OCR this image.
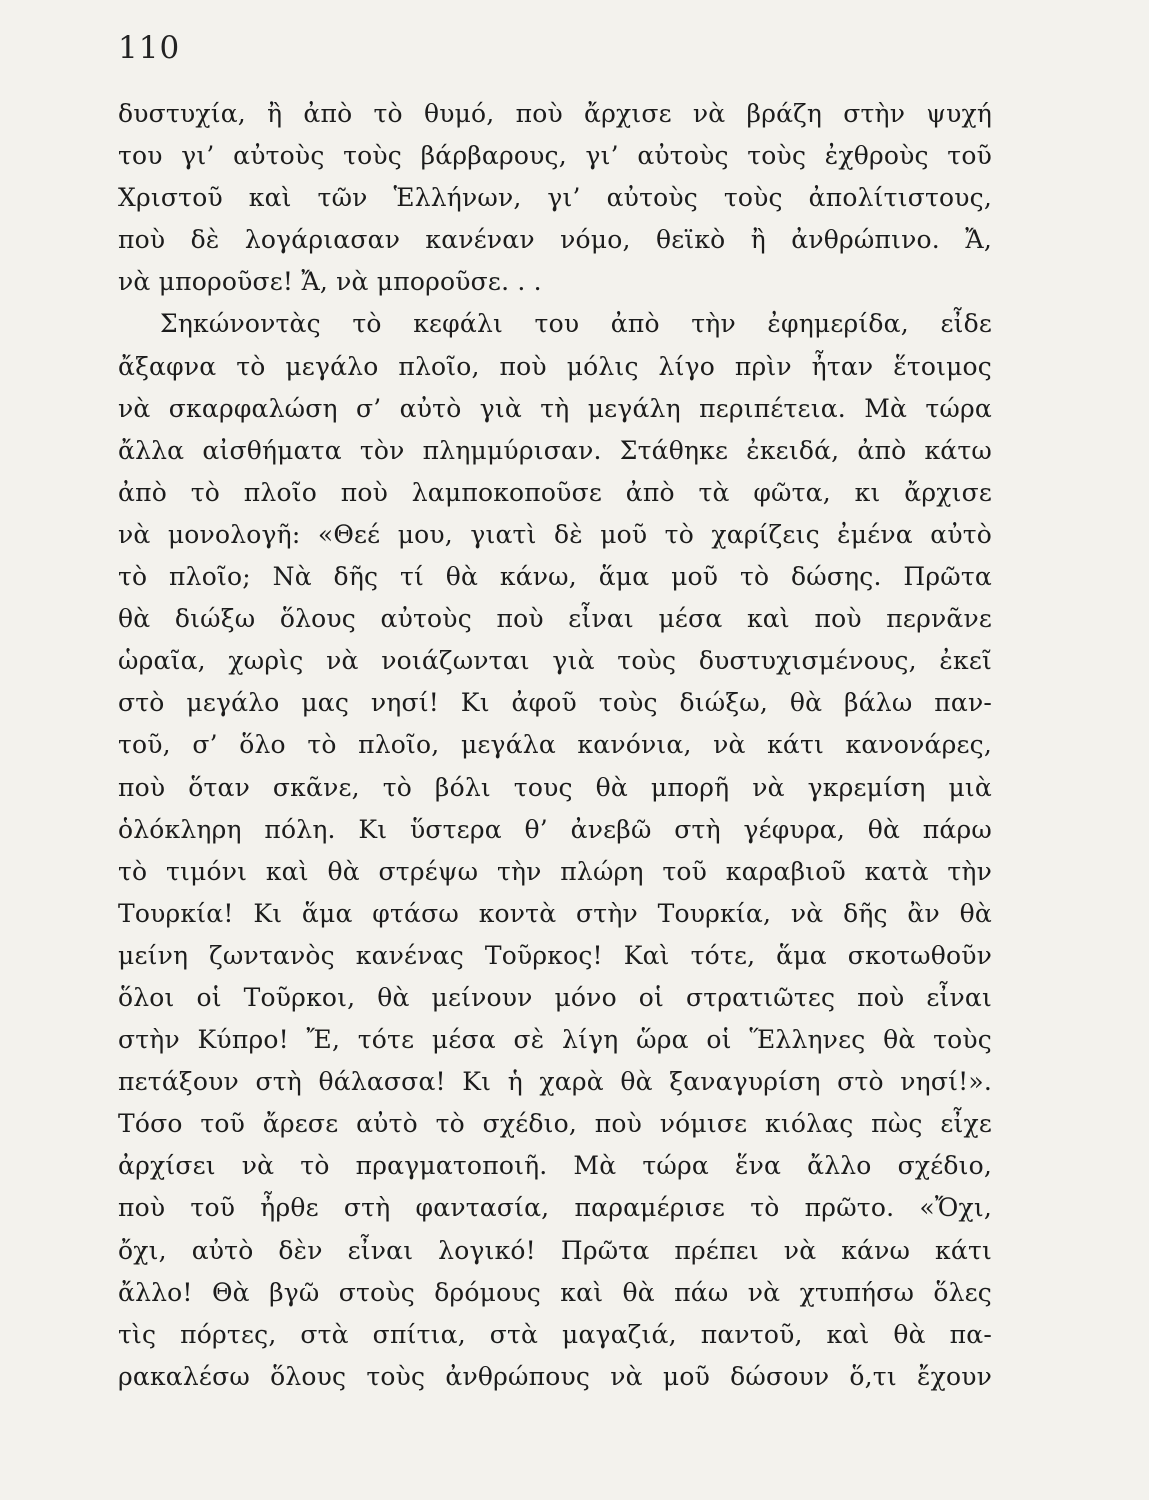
110
δυστυχία, ἢ ἀπὸ τὸ θυμό, ποὺ ἄρχισε νὰ βράζη στὴν ψυχή
του γι’ αὐτοὺς τοὺς βάρβαρους, γι’ αὐτοὺς τοὺς ἐχθροὺς τοῦ
Χριστοῦ καὶ τῶν Ἑλλήνων, γι’ αὐτοὺς τοὺς ἀπολίτιστους,
ποὺ δὲ λογάριασαν κανέναν νόμο, θεϊκὸ ἢ ἀνθρώπινο. Ἄ,
νὰ μποροῦσε! Ἄ, νὰ μποροῦσε. . .
Σηκώνοντὰς τὸ κεφάλι του ἀπὸ τὴν ἐφημερίδα, εἶδε
ἄξαφνα τὸ μεγάλο πλοῖο, ποὺ μόλις λίγο πρὶν ἦταν ἕτοιμος
νὰ σκαρφαλώση σ’ αὐτὸ γιὰ τὴ μεγάλη περιπέτεια. Μὰ τώρα
ἄλλα αἰσθήματα τὸν πλημμύρισαν. Στάθηκε ἐκειδά, ἀπὸ κάτω
ἀπὸ τὸ πλοῖο ποὺ λαμποκοποῦσε ἀπὸ τὰ φῶτα, κι ἄρχισε
νὰ μονολογῆ: «Θεέ μου, γιατὶ δὲ μοῦ τὸ χαρίζεις ἐμένα αὐτὸ
τὸ πλοῖο; Νὰ δῆς τί θὰ κάνω, ἅμα μοῦ τὸ δώσης. Πρῶτα
θὰ διώξω ὅλους αὐτοὺς ποὺ εἶναι μέσα καὶ ποὺ περνᾶνε
ὡραῖα, χωρὶς νὰ νοιάζωνται γιὰ τοὺς δυστυχισμένους, ἐκεῖ
στὸ μεγάλο μας νησί! Κι ἀφοῦ τοὺς διώξω, θὰ βάλω παν-
τοῦ, σ’ ὅλο τὸ πλοῖο, μεγάλα κανόνια, νὰ κάτι κανονάρες,
ποὺ ὅταν σκᾶνε, τὸ βόλι τους θὰ μπορῆ νὰ γκρεμίση μιὰ
ὁλόκληρη πόλη. Κι ὕστερα θ’ ἀνεβῶ στὴ γέφυρα, θὰ πάρω
τὸ τιμόνι καὶ θὰ στρέψω τὴν πλώρη τοῦ καραβιοῦ κατὰ τὴν
Τουρκία! Κι ἅμα φτάσω κοντὰ στὴν Τουρκία, νὰ δῆς ἂν θὰ
μείνη ζωντανὸς κανένας Τοῦρκος! Καὶ τότε, ἅμα σκοτωθοῦν
ὅλοι οἱ Τοῦρκοι, θὰ μείνουν μόνο οἱ στρατιῶτες ποὺ εἶναι
στὴν Κύπρο! Ἔ, τότε μέσα σὲ λίγη ὥρα οἱ Ἕλληνες θὰ τοὺς
πετάξουν στὴ θάλασσα! Κι ἡ χαρὰ θὰ ξαναγυρίση στὸ νησί!».
Τόσο τοῦ ἄρεσε αὐτὸ τὸ σχέδιο, ποὺ νόμισε κιόλας πὼς εἶχε
ἀρχίσει νὰ τὸ πραγματοποιῆ. Μὰ τώρα ἕνα ἄλλο σχέδιο,
ποὺ τοῦ ἦρθε στὴ φαντασία, παραμέρισε τὸ πρῶτο. «Ὄχι,
ὄχι, αὐτὸ δὲν εἶναι λογικό! Πρῶτα πρέπει νὰ κάνω κάτι
ἄλλο! Θὰ βγῶ στοὺς δρόμους καὶ θὰ πάω νὰ χτυπήσω ὅλες
τὶς πόρτες, στὰ σπίτια, στὰ μαγαζιά, παντοῦ, καὶ θὰ πα-
ρακαλέσω ὅλους τοὺς ἀνθρώπους νὰ μοῦ δώσουν ὅ,τι ἔχουν
